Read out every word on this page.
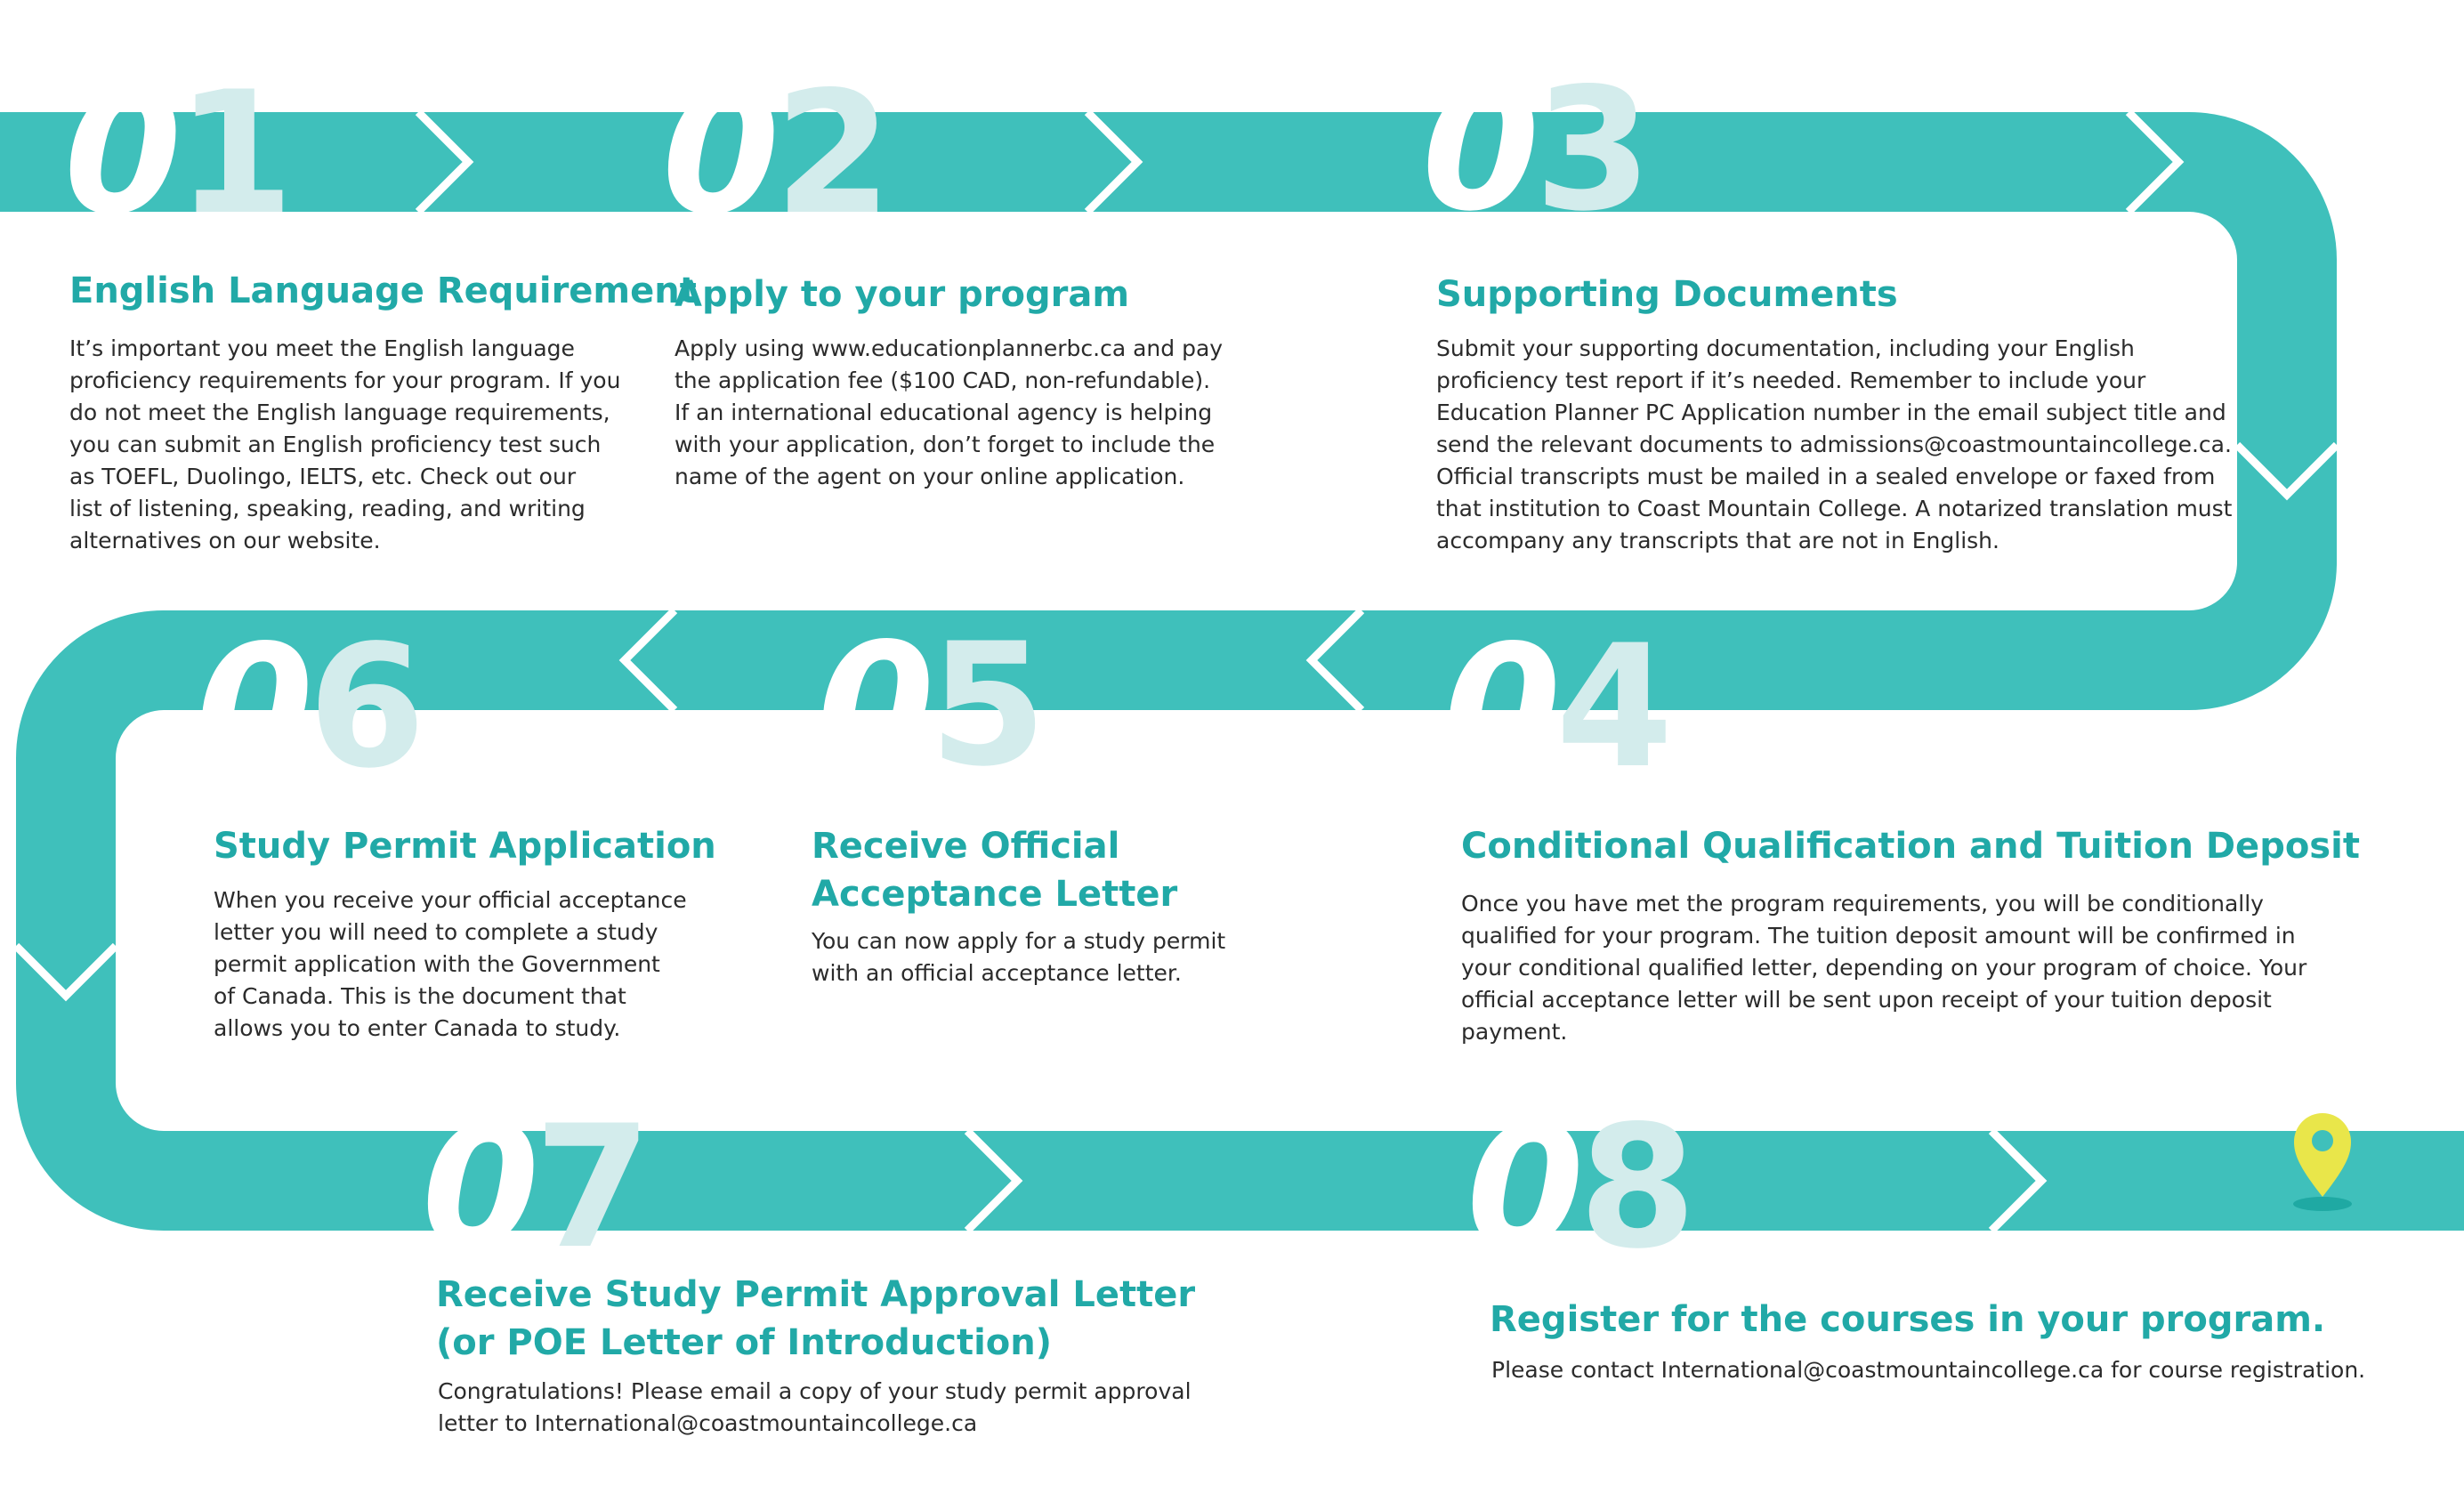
01
English Language Requirement
It’s important you meet the English language
proficiency requirements for your program. If you
do not meet the English language requirements,
you can submit an English proficiency test such
as TOEFL, Duolingo, IELTS, etc. Check out our
list of listening, speaking, reading, and writing
alternatives on our website.
02
Apply to your program
Apply using www.educationplannerbc.ca and pay
the application fee ($100 CAD, non-refundable).
If an international educational agency is helping
with your application, don’t forget to include the
name of the agent on your online application.
03
Supporting Documents
Submit your supporting documentation, including your English
proficiency test report if it’s needed. Remember to include your
Education Planner PC Application number in the email subject title and
send the relevant documents to admissions@coastmountaincollege.ca.
Official transcripts must be mailed in a sealed envelope or faxed from
that institution to Coast Mountain College. A notarized translation must
accompany any transcripts that are not in English.
04
Conditional Qualification and Tuition Deposit
Once you have met the program requirements, you will be conditionally
qualified for your program. The tuition deposit amount will be confirmed in
your conditional qualified letter, depending on your program of choice. Your
official acceptance letter will be sent upon receipt of your tuition deposit
payment.
05
Receive Official
Acceptance Letter
You can now apply for a study permit
with an official acceptance letter.
06
Study Permit Application
When you receive your official acceptance
letter you will need to complete a study
permit application with the Government
of Canada. This is the document that
allows you to enter Canada to study.
07
Receive Study Permit Approval Letter
(or POE Letter of Introduction)
Congratulations! Please email a copy of your study permit approval
letter to International@coastmountaincollege.ca
08
Register for the courses in your program.
Please contact International@coastmountaincollege.ca for course registration.
